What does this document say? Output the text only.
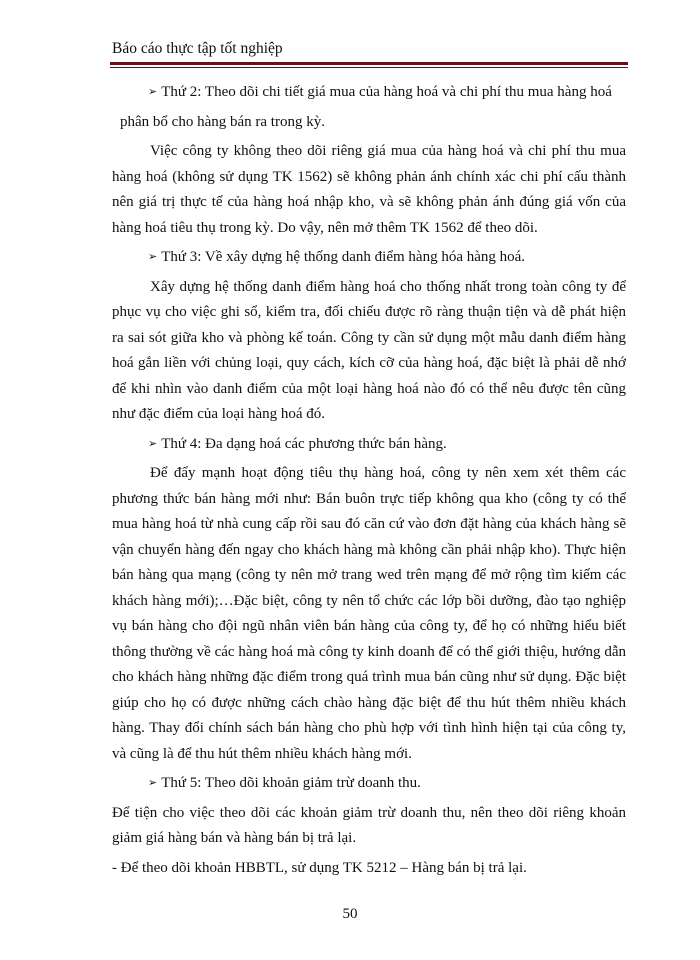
Báo cáo thực tập tốt nghiệp
➢ Thứ 2: Theo dõi chi tiết giá mua của hàng hoá và chi phí thu mua hàng hoá

phân bổ cho hàng bán ra trong kỳ.

Việc công ty không theo dõi riêng giá mua của hàng hoá và chi phí thu mua hàng hoá (không sử dụng TK 1562) sẽ không phản ánh chính xác chi phí cấu thành nên giá trị thực tế của hàng hoá nhập kho, và sẽ không phản ánh đúng giá vốn của hàng hoá tiêu thụ trong kỳ. Do vậy, nên mở thêm TK 1562 để theo dõi.

➢ Thứ 3: Về xây dựng hệ thống danh điểm hàng hóa hàng hoá.

Xây dựng hệ thống danh điểm hàng hoá cho thống nhất trong toàn công ty để phục vụ cho việc ghi sổ, kiểm tra, đối chiếu được rõ ràng thuận tiện và dễ phát hiện ra sai sót giữa kho và phòng kế toán. Công ty cần sử dụng một mẫu danh điểm hàng hoá gắn liền với chủng loại, quy cách, kích cỡ của hàng hoá, đặc biệt là phải dễ nhớ để khi nhìn vào danh điểm của một loại hàng hoá nào đó có thể nêu được tên cũng như đặc điểm của loại hàng hoá đó.

➢ Thứ 4: Đa dạng hoá các phương thức bán hàng.

Để đẩy mạnh hoạt động tiêu thụ hàng hoá, công ty nên xem xét thêm các phương thức bán hàng mới như: Bán buôn trực tiếp không qua kho (công ty có thể mua hàng hoá từ nhà cung cấp rồi sau đó căn cứ vào đơn đặt hàng của khách hàng sẽ vận chuyển hàng đến ngay cho khách hàng mà không cần phải nhập kho). Thực hiện bán hàng qua mạng (công ty nên mở trang wed trên mạng để mở rộng tìm kiếm các khách hàng mới);…Đặc biệt, công ty nên tổ chức các lớp bồi dưỡng, đào tạo nghiệp vụ bán hàng cho đội ngũ nhân viên bán hàng của công ty, để họ có những hiểu biết thông thường về các hàng hoá mà công ty kinh doanh để có thể giới thiệu, hướng dẫn cho khách hàng những đặc điểm trong quá trình mua bán cũng như sử dụng. Đặc biệt giúp cho họ có được những cách chào hàng đặc biệt để thu hút thêm nhiều khách hàng. Thay đổi chính sách bán hàng cho phù hợp với tình hình hiện tại của công ty, và cũng là để thu hút thêm nhiều khách hàng mới.

➢ Thứ 5: Theo dõi khoản giảm trừ doanh thu.

Để tiện cho việc theo dõi các khoản giảm trừ doanh thu, nên theo dõi riêng khoản giảm giá hàng bán và hàng bán bị trả lại.

- Để theo dõi khoản HBBTL, sử dụng TK 5212 – Hàng bán bị trả lại.

50
